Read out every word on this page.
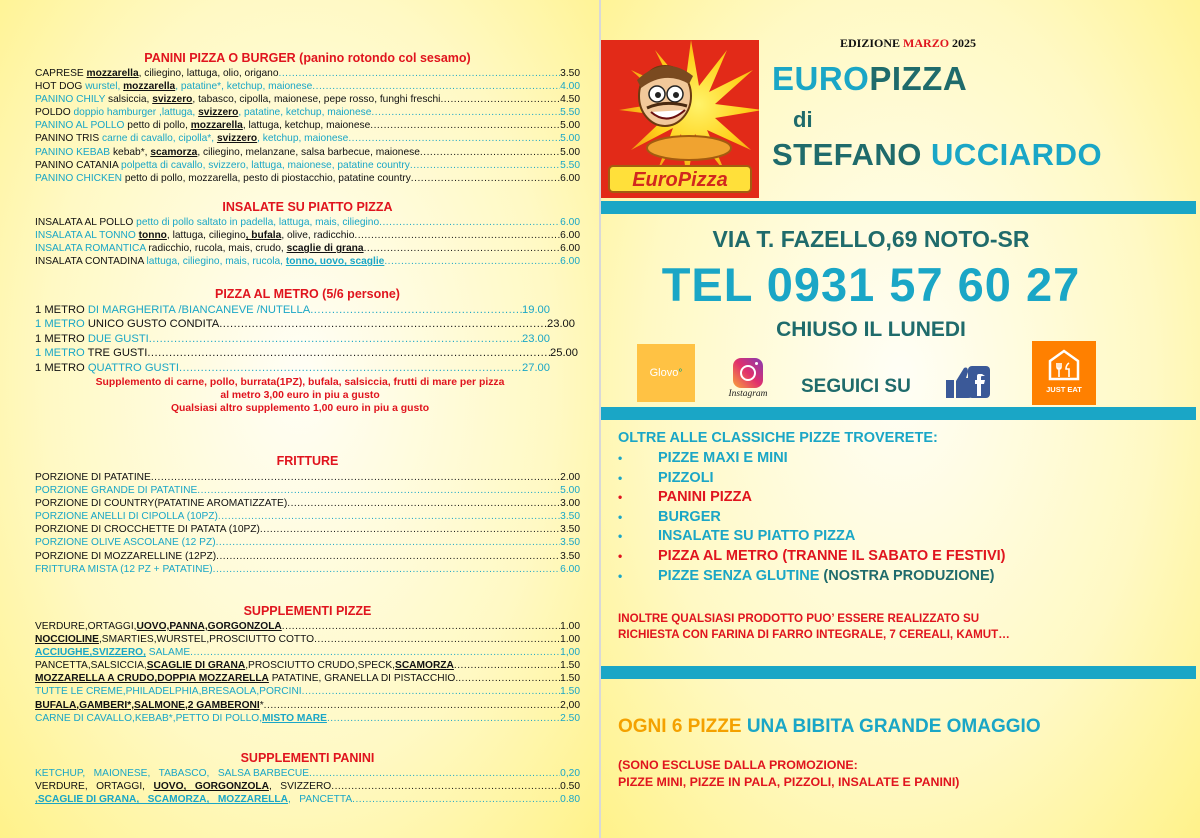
PANINI PIZZA O BURGER (panino rotondo col sesamo)
CAPRESE mozzarella, ciliegino, lattuga, olio, origano .....	3.50
HOT DOG wurstel, mozzarella, patatine*, ketchup, maionese .....	4.00
PANINO CHILY salsiccia, svizzero, tabasco, cipolla, maionese, pepe rosso, funghi freschi .....	4.50
POLDO doppio hamburger ,lattuga, svizzero, patatine, ketchup, maionese .....	5.50
PANINO AL POLLO petto di pollo, mozzarella, lattuga, ketchup, maionese .....	5.00
PANINO TRIS carne di cavallo, cipolla*, svizzero, ketchup, maionese .....	5.00
PANINO KEBAB kebab*, scamorza, ciliegino, melanzane, salsa barbecue, maionese .....	5.00
PANINO CATANIA polpetta di cavallo, svizzero, lattuga, maionese, patatine country .....	5.50
PANINO CHICKEN petto di pollo, mozzarella, pesto di piostacchio, patatine country .....	6.00
INSALATE SU PIATTO PIZZA
INSALATA AL POLLO petto di pollo saltato in padella, lattuga, mais, ciliegino .....	6.00
INSALATA AL TONNO tonno, lattuga, ciliegino, bufala, olive, radicchio .....	6.00
INSALATA ROMANTICA radicchio, rucola, mais, crudo, scaglie di grana .....	6.00
INSALATA CONTADINA lattuga, ciliegino, mais, rucola, tonno, uovo, scaglie .....	6.00
PIZZA AL METRO (5/6 persone)
1 METRO DI MARGHERITA /BIANCANEVE /NUTELLA .....	19.00
1 METRO UNICO GUSTO CONDITA .....	23.00
1 METRO DUE GUSTI .....	23.00
1 METRO TRE GUSTI .....	25.00
1 METRO QUATTRO GUSTI .....	27.00
Supplemento di carne, pollo, burrata(1PZ), bufala, salsiccia, frutti di mare per pizza
al metro 3,00 euro in piu a gusto
Qualsiasi altro supplemento 1,00 euro in piu a gusto
FRITTURE
PORZIONE DI PATATINE .....	2.00
PORZIONE GRANDE DI PATATINE .....	5.00
PORZIONE DI COUNTRY(PATATINE AROMATIZZATE) .....	3.00
PORZIONE ANELLI DI CIPOLLA (10PZ) .....	3.50
PORZIONE DI CROCCHETTE DI PATATA (10PZ) .....	3.50
PORZIONE OLIVE ASCOLANE (12 PZ) .....	3.50
PORZIONE DI MOZZARELLINE (12PZ) .....	3.50
FRITTURA MISTA (12 PZ + PATATINE) .....	6.00
SUPPLEMENTI PIZZE
VERDURE,ORTAGGI,UOVO,PANNA,GORGONZOLA .....	1.00
NOCCIOLINE,SMARTIES,WURSTEL,PROSCIUTTO COTTO .....	1.00
ACCIUGHE,SVIZZERO, SALAME .....	1,00
PANCETTA,SALSICCIA,SCAGLIE DI GRANA,PROSCIUTTO CRUDO,SPECK,SCAMORZA .....	1.50
MOZZARELLA A CRUDO,DOPPIA MOZZARELLA PATATINE, GRANELLA DI PISTACCHIO. .....	1.50
TUTTE LE CREME,PHILADELPHIA,BRESAOLA,PORCINI .....	1.50
BUFALA,GAMBERI*,SALMONE,2 GAMBERONI* .....	2,00
CARNE DI CAVALLO,KEBAB*,PETTO DI POLLO,MISTO MARE .....	2.50
SUPPLEMENTI PANINI
KETCHUP,   MAIONESE,   TABASCO,   SALSA BARBECUE .....	0,20
VERDURE,   ORTAGGI,   UOVO,   GORGONZOLA,   SVIZZERO .....	0.50
,SCAGLIE DI GRANA,   SCAMORZA,   MOZZARELLA,   PANCETTA .....	0.80
EDIZIONE MARZO 2025
EuroPizza
EUROPIZZA
di
STEFANO UCCIARDO
VIA T. FAZELLO,69 NOTO-SR
TEL 0931 57 60 27
CHIUSO IL LUNEDI
Glovo °
Instagram	SEGUICI SU	JUST EAT
OLTRE ALLE CLASSICHE PIZZE TROVERETE:
• PIZZE MAXI E MINI
• PIZZOLI
• PANINI PIZZA
• BURGER
• INSALATE SU PIATTO PIZZA
• PIZZA AL METRO (TRANNE IL SABATO E FESTIVI)
• PIZZE SENZA GLUTINE (NOSTRA PRODUZIONE)
INOLTRE QUALSIASI PRODOTTO PUO’ ESSERE REALIZZATO SU
RICHIESTA CON FARINA DI FARRO INTEGRALE, 7 CEREALI, KAMUT…
OGNI 6 PIZZE UNA BIBITA GRANDE OMAGGIO
(SONO ESCLUSE DALLA PROMOZIONE:
PIZZE MINI, PIZZE IN PALA, PIZZOLI, INSALATE E PANINI)
